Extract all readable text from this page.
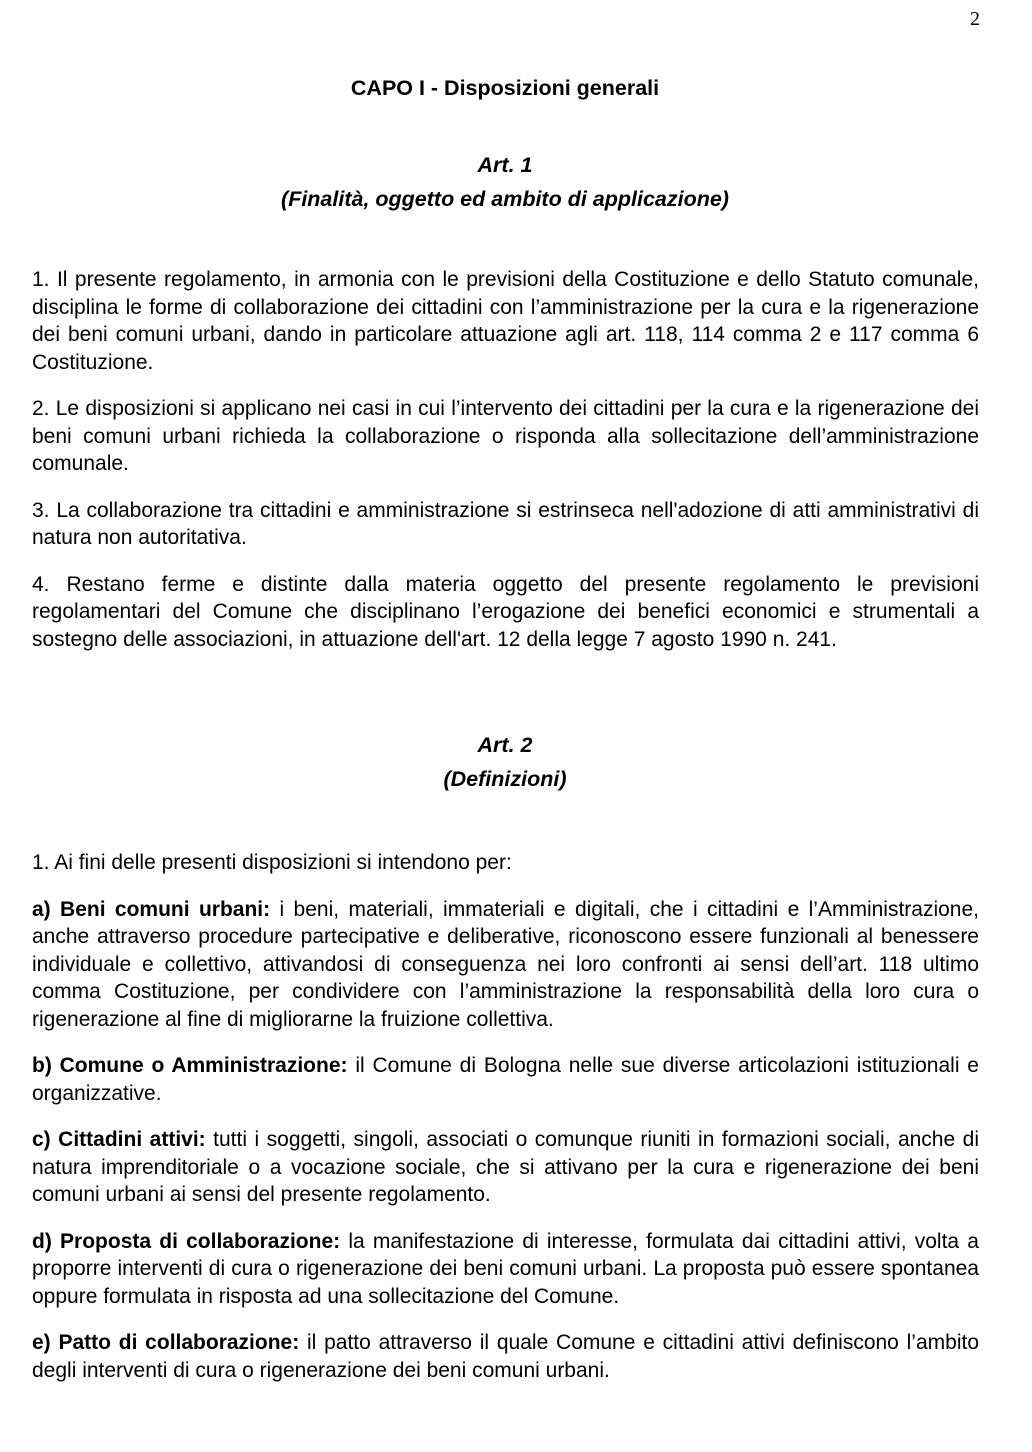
2
CAPO I - Disposizioni generali
Art. 1
(Finalità, oggetto ed ambito di applicazione)

1. Il presente regolamento, in armonia con le previsioni della Costituzione e dello Statuto comunale, disciplina le forme di collaborazione dei cittadini con l’amministrazione per la cura e la rigenerazione dei beni comuni urbani, dando in particolare attuazione agli art. 118, 114 comma 2 e 117 comma 6 Costituzione.

2. Le disposizioni si applicano nei casi in cui l’intervento dei cittadini per la cura e la rigenerazione dei beni comuni urbani richieda la collaborazione o risponda alla sollecitazione dell’amministrazione comunale.

3. La collaborazione tra cittadini e amministrazione si estrinseca nell'adozione di atti amministrativi di natura non autoritativa.

4. Restano ferme e distinte dalla materia oggetto del presente regolamento le previsioni regolamentari del Comune che disciplinano l’erogazione dei benefici economici e strumentali a sostegno delle associazioni, in attuazione dell'art. 12 della legge 7 agosto 1990 n. 241.

Art. 2
(Definizioni)

1. Ai fini delle presenti disposizioni si intendono per:

a) Beni comuni urbani: i beni, materiali, immateriali e digitali, che i cittadini e l’Amministrazione, anche attraverso procedure partecipative e deliberative, riconoscono essere funzionali al benessere individuale e collettivo, attivandosi di conseguenza nei loro confronti ai sensi dell’art. 118 ultimo comma Costituzione, per condividere con l’amministrazione la responsabilità della loro cura o rigenerazione al fine di migliorarne la fruizione collettiva.

b) Comune o Amministrazione: il Comune di Bologna nelle sue diverse articolazioni istituzionali e organizzative.

c) Cittadini attivi: tutti i soggetti, singoli, associati o comunque riuniti in formazioni sociali, anche di natura imprenditoriale o a vocazione sociale, che si attivano per la cura e rigenerazione dei beni comuni urbani ai sensi del presente regolamento.

d) Proposta di collaborazione: la manifestazione di interesse, formulata dai cittadini attivi, volta a proporre interventi di cura o rigenerazione dei beni comuni urbani. La proposta può essere spontanea oppure formulata in risposta ad una sollecitazione del Comune.

e) Patto di collaborazione: il patto attraverso il quale Comune e cittadini attivi definiscono l’ambito degli interventi di cura o rigenerazione dei beni comuni urbani.
